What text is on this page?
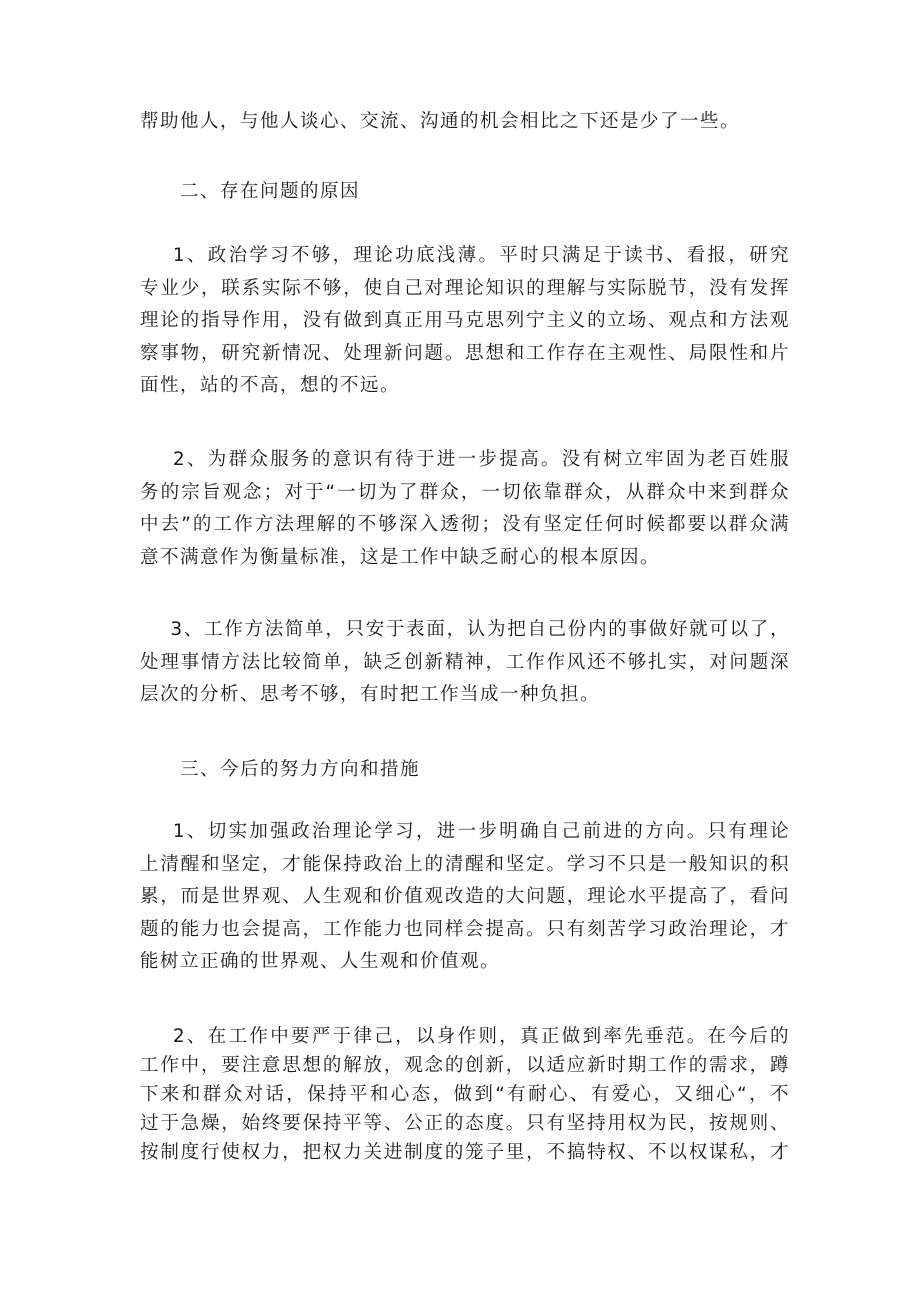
帮助他人，与他人谈心、交流、沟通的机会相比之下还是少了一些。
二、存在问题的原因
1、政治学习不够，理论功底浅薄。平时只满足于读书、看报，研究
专业少，联系实际不够，使自己对理论知识的理解与实际脱节，没有发挥
理论的指导作用，没有做到真正用马克思列宁主义的立场、观点和方法观
察事物，研究新情况、处理新问题。思想和工作存在主观性、局限性和片
面性，站的不高，想的不远。
2、为群众服务的意识有待于进一步提高。没有树立牢固为老百姓服
务的宗旨观念；对于“一切为了群众，一切依靠群众，从群众中来到群众
中去”的工作方法理解的不够深入透彻；没有坚定任何时候都要以群众满
意不满意作为衡量标准，这是工作中缺乏耐心的根本原因。
3、工作方法简单，只安于表面，认为把自己份内的事做好就可以了，
处理事情方法比较简单，缺乏创新精神，工作作风还不够扎实，对问题深
层次的分析、思考不够，有时把工作当成一种负担。
三、今后的努力方向和措施
1、切实加强政治理论学习，进一步明确自己前进的方向。只有理论
上清醒和坚定，才能保持政治上的清醒和坚定。学习不只是一般知识的积
累，而是世界观、人生观和价值观改造的大问题，理论水平提高了，看问
题的能力也会提高，工作能力也同样会提高。只有刻苦学习政治理论，才
能树立正确的世界观、人生观和价值观。
2、在工作中要严于律己，以身作则，真正做到率先垂范。在今后的
工作中，要注意思想的解放，观念的创新，以适应新时期工作的需求，蹲
下来和群众对话，保持平和心态，做到“有耐心、有爱心，又细心“，不
过于急燥，始终要保持平等、公正的态度。只有坚持用权为民，按规则、
按制度行使权力，把权力关进制度的笼子里，不搞特权、不以权谋私，才
